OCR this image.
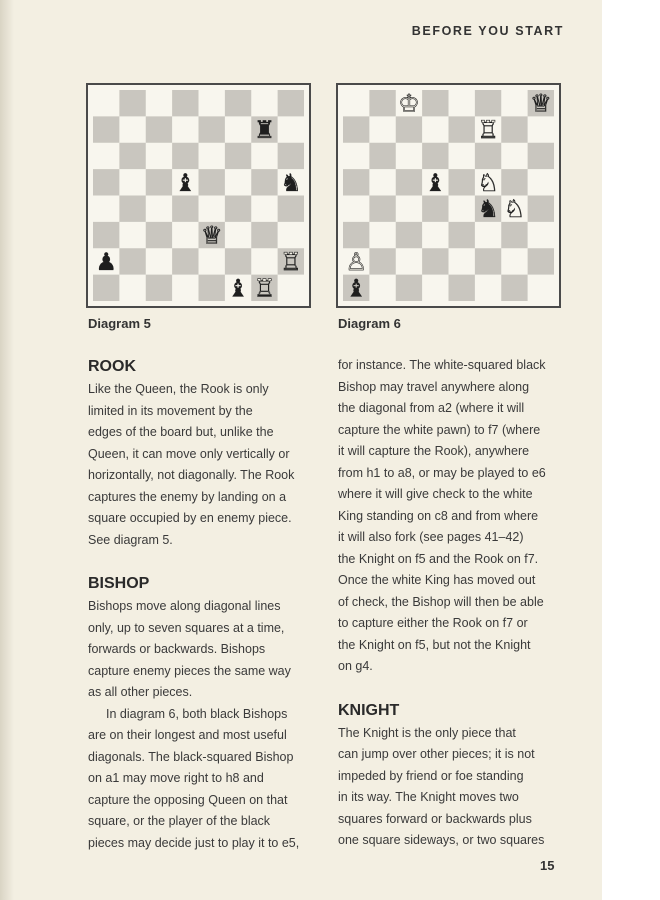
BEFORE YOU START
♜
♝	♞
♕
♟	♖
♝ ♖
Diagram 5
♔	♕
♖
♝ ♘
♞ ♘
♙
♝
Diagram 6

ROOK

Like the Queen, the Rook is only

limited in its movement by the

edges of the board but, unlike the

Queen, it can move only vertically or

horizontally, not diagonally. The Rook

captures the enemy by landing on a

square occupied by en enemy piece.

See diagram 5.

BISHOP

Bishops move along diagonal lines

only, up to seven squares at a time,

forwards or backwards. Bishops

capture enemy pieces the same way

as all other pieces.

In diagram 6, both black Bishops

are on their longest and most useful

diagonals. The black-squared Bishop

on a1 may move right to h8 and

capture the opposing Queen on that

square, or the player of the black

pieces may decide just to play it to e5,

for instance. The white-squared black

Bishop may travel anywhere along

the diagonal from a2 (where it will

capture the white pawn) to f7 (where

it will capture the Rook), anywhere

from h1 to a8, or may be played to e6

where it will give check to the white

King standing on c8 and from where

it will also fork (see pages 41–42)

the Knight on f5 and the Rook on f7.

Once the white King has moved out

of check, the Bishop will then be able

to capture either the Rook on f7 or

the Knight on f5, but not the Knight

on g4.

KNIGHT

The Knight is the only piece that

can jump over other pieces; it is not

impeded by friend or foe standing

in its way. The Knight moves two

squares forward or backwards plus

one square sideways, or two squares

15
